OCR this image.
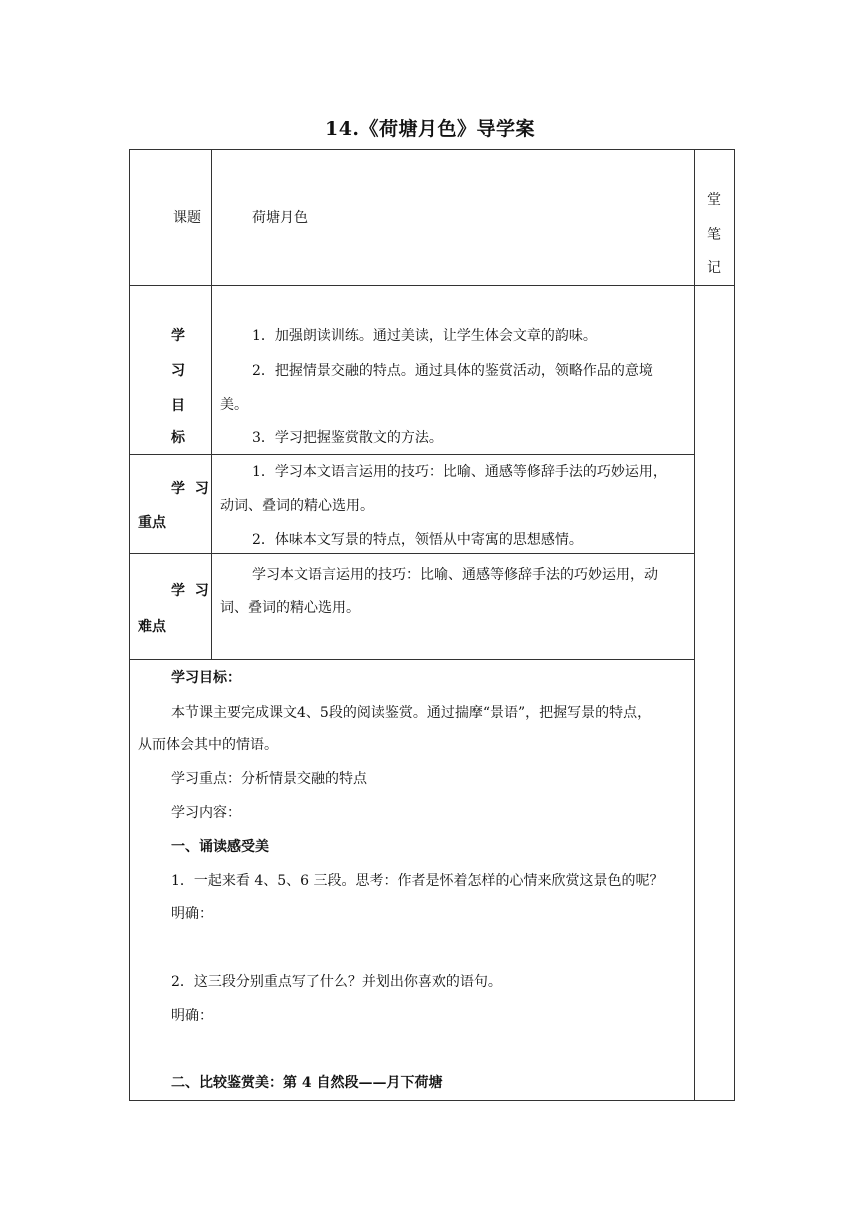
14.《荷塘月色》导学案
课题	荷塘月色
堂
笔
记
学
习
目
标
1．加强朗读训练。通过美读，让学生体会文章的韵味。
2．把握情景交融的特点。通过具体的鉴赏活动，领略作品的意境
美。
3．学习把握鉴赏散文的方法。
学  习
重点
1．学习本文语言运用的技巧：比喻、通感等修辞手法的巧妙运用，
动词、叠词的精心选用。
2．体味本文写景的特点，领悟从中寄寓的思想感情。
学  习
难点
学习本文语言运用的技巧：比喻、通感等修辞手法的巧妙运用，动
词、叠词的精心选用。
学习目标：
本节课主要完成课文4、5段的阅读鉴赏。通过揣摩“景语”，把握写景的特点，
从而体会其中的情语。
学习重点：分析情景交融的特点
学习内容：
一、诵读感受美
1．一起来看 4、5、6 三段。思考：作者是怀着怎样的心情来欣赏这景色的呢？
明确：
2．这三段分别重点写了什么？并划出你喜欢的语句。
明确：
二、比较鉴赏美：第 4 自然段——月下荷塘
